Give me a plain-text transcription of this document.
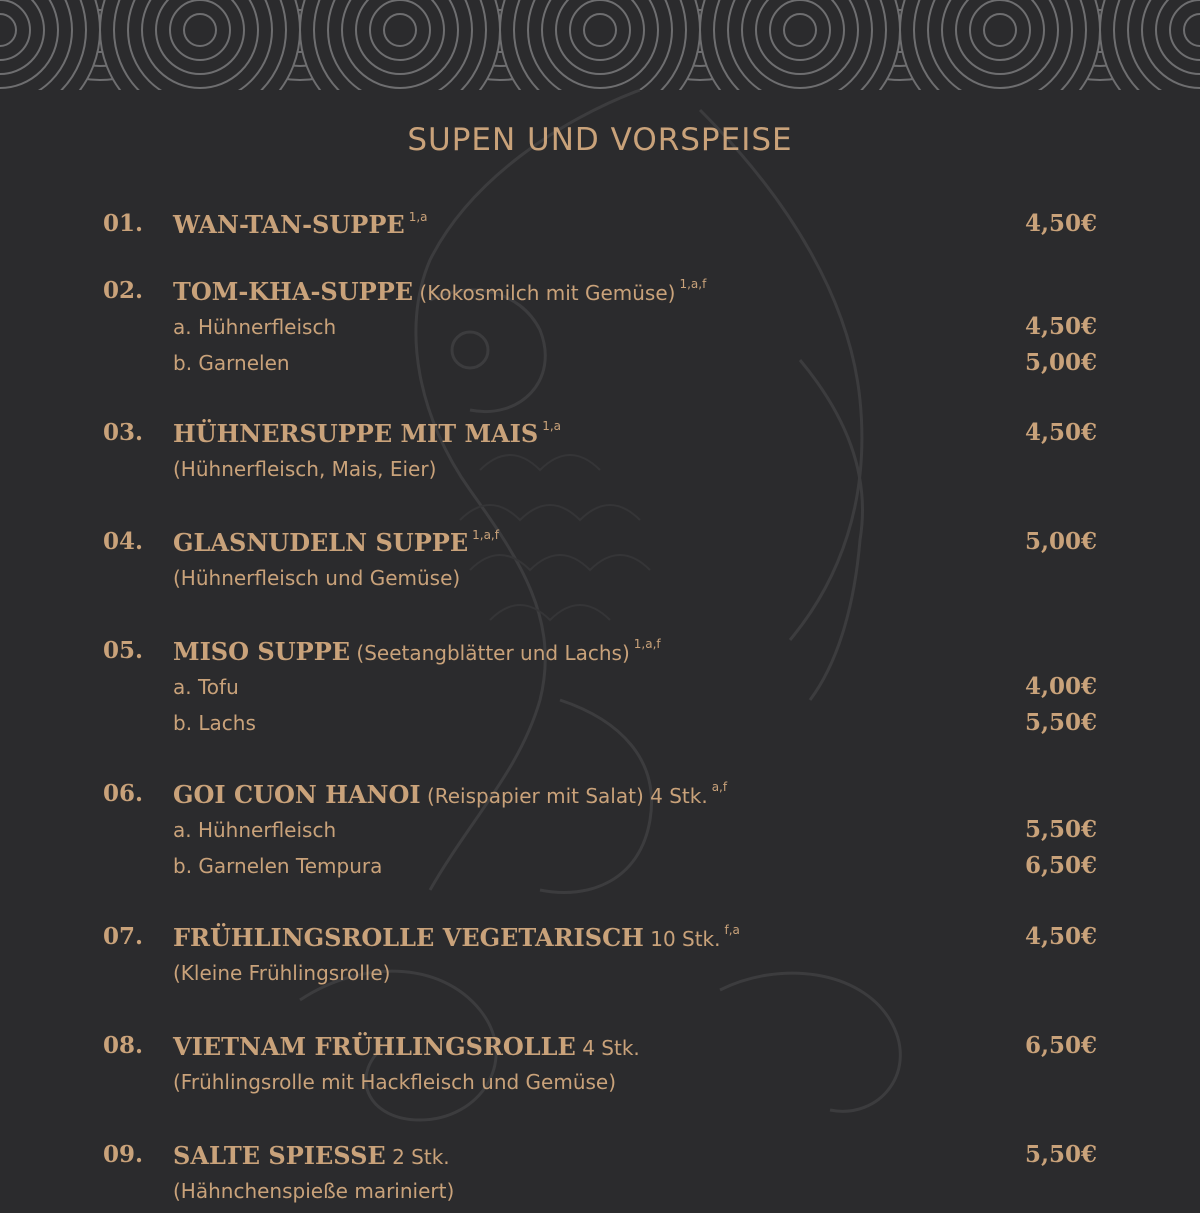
SUPEN UND VORSPEISE
01. WAN-TAN-SUPPE $^{1,a}$	4,50€
02. TOM-KHA-SUPPE (Kokosmilch mit Gemüse) $^{1,a,f}$
a. Hühnerfleisch	4,50€
b. Garnelen	5,00€
03. HÜHNERSUPPE MIT MAIS $^{1,a}$	4,50€
(Hühnerfleisch, Mais, Eier)
04. GLASNUDELN SUPPE $^{1,a,f}$	5,00€
(Hühnerfleisch und Gemüse)
05. MISO SUPPE (Seetangblätter und Lachs) $^{1,a,f}$
a. Tofu	4,00€
b. Lachs	5,50€
06. GOI CUON HANOI (Reispapier mit Salat) 4 Stk. $^{a,f}$
a. Hühnerfleisch	5,50€
b. Garnelen Tempura	6,50€
07. FRÜHLINGSROLLE VEGETARISCH 10 Stk. $^{f,a}$	4,50€
(Kleine Frühlingsrolle)
08. VIETNAM FRÜHLINGSROLLE 4 Stk.	6,50€
(Frühlingsrolle mit Hackfleisch und Gemüse)
09. SALTE SPIESSE 2 Stk.	5,50€
(Hähnchenspieße mariniert)
